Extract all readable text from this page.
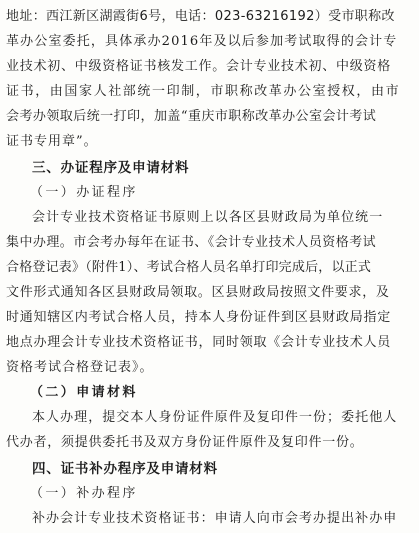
地址：西江新区湖霞街6号，电话：023-63216192）受市职称改
革办公室委托，具体承办2016年及以后参加考试取得的会计专
业技术初、中级资格证书核发工作。会计专业技术初、中级资格
证书，由国家人社部统一印制，市职称改革办公室授权，由市
会考办领取后统一打印，加盖“重庆市职称改革办公室会计考试
证书专用章”。
三、办证程序及申请材料
（一）办证程序
会计专业技术资格证书原则上以各区县财政局为单位统一
集中办理。市会考办每年在证书、《会计专业技术人员资格考试
合格登记表》（附件1）、考试合格人员名单打印完成后，以正式
文件形式通知各区县财政局领取。区县财政局按照文件要求，及
时通知辖区内考试合格人员，持本人身份证件到区县财政局指定
地点办理会计专业技术资格证书，同时领取《会计专业技术人员
资格考试合格登记表》。
（二）申请材料
本人办理，提交本人身份证件原件及复印件一份；委托他人
代办者，须提供委托书及双方身份证件原件及复印件一份。
四、证书补办程序及申请材料
（一）补办程序
补办会计专业技术资格证书：申请人向市会考办提出补办申
